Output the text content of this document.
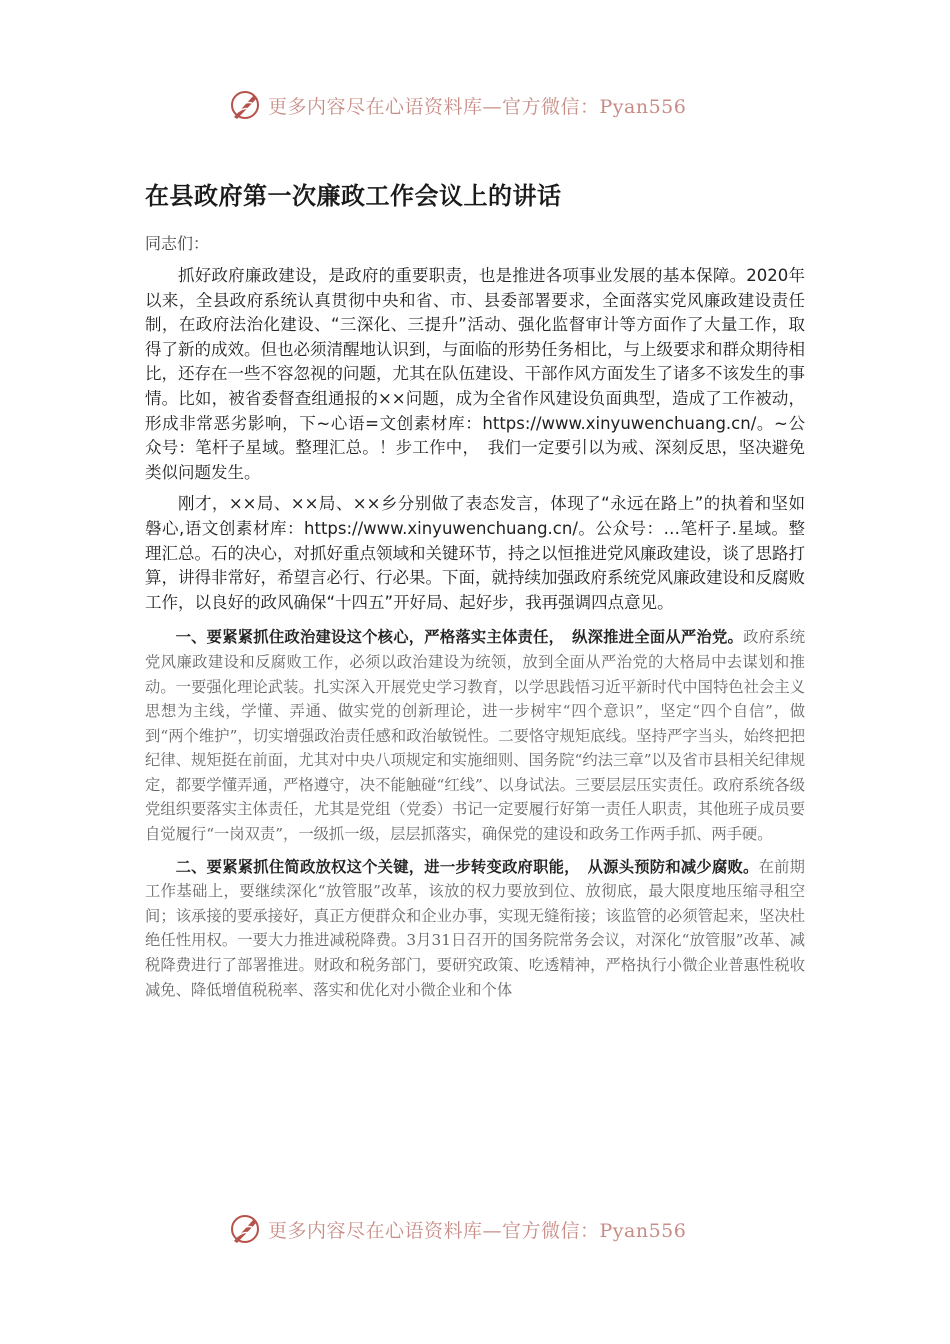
更多内容尽在心语资料库—官方微信：Pyan556
在县政府第一次廉政工作会议上的讲话

同志们：

抓好政府廉政建设，是政府的重要职责，也是推进各项事业发展的基本保障。2020年以来，全县政府系统认真贯彻中央和省、市、县委部署要求，全面落实党风廉政建设责任制，在政府法治化建设、“三深化、三提升”活动、强化监督审计等方面作了大量工作，取得了新的成效。但也必须清醒地认识到，与面临的形势任务相比，与上级要求和群众期待相比，还存在一些不容忽视的问题，尤其在队伍建设、干部作风方面发生了诸多不该发生的事情。比如，被省委督查组通报的××问题，成为全省作风建设负面典型，造成了工作被动，形成非常恶劣影响，下~心语=文创素材库：https://www.xinyuwenchuang.cn/。~公众号：笔杆子星域。整理汇总。！步工作中，　我们一定要引以为戒、深刻反思，坚决避免类似问题发生。

刚才，××局、××局、××乡分别做了表态发言，体现了“永远在路上”的执着和坚如磐心,语文创素材库：https://www.xinyuwenchuang.cn/。公众号：…笔杆子.星域。整理汇总。石的决心，对抓好重点领域和关键环节，持之以恒推进党风廉政建设，谈了思路打算，讲得非常好，希望言必行、行必果。下面，就持续加强政府系统党风廉政建设和反腐败工作，以良好的政风确保“十四五”开好局、起好步，我再强调四点意见。

一、要紧紧抓住政治建设这个核心，严格落实主体责任，　纵深推进全面从严治党。政府系统党风廉政建设和反腐败工作，必须以政治建设为统领，放到全面从严治党的大格局中去谋划和推动。一要强化理论武装。扎实深入开展党史学习教育，以学思践悟习近平新时代中国特色社会主义思想为主线，学懂、弄通、做实党的创新理论，进一步树牢“四个意识”，坚定“四个自信”，做到“两个维护”，切实增强政治责任感和政治敏锐性。二要恪守规矩底线。坚持严字当头，始终把把纪律、规矩挺在前面，尤其对中央八项规定和实施细则、国务院“约法三章”以及省市县相关纪律规定，都要学懂弄通，严格遵守，决不能触碰“红线”、以身试法。三要层层压实责任。政府系统各级党组织要落实主体责任，尤其是党组（党委）书记一定要履行好第一责任人职责，其他班子成员要自觉履行“一岗双责”，一级抓一级，层层抓落实，确保党的建设和政务工作两手抓、两手硬。

二、要紧紧抓住简政放权这个关键，进一步转变政府职能，　从源头预防和减少腐败。在前期工作基础上，要继续深化“放管服”改革，该放的权力要放到位、放彻底，最大限度地压缩寻租空间；该承接的要承接好，真正方便群众和企业办事，实现无缝衔接；该监管的必须管起来，坚决杜绝任性用权。一要大力推进减税降费。3月31日召开的国务院常务会议，对深化“放管服”改革、减税降费进行了部署推进。财政和税务部门，要研究政策、吃透精神，严格执行小微企业普惠性税收减免、降低增值税税率、落实和优化对小微企业和个体

更多内容尽在心语资料库—官方微信：Pyan556
